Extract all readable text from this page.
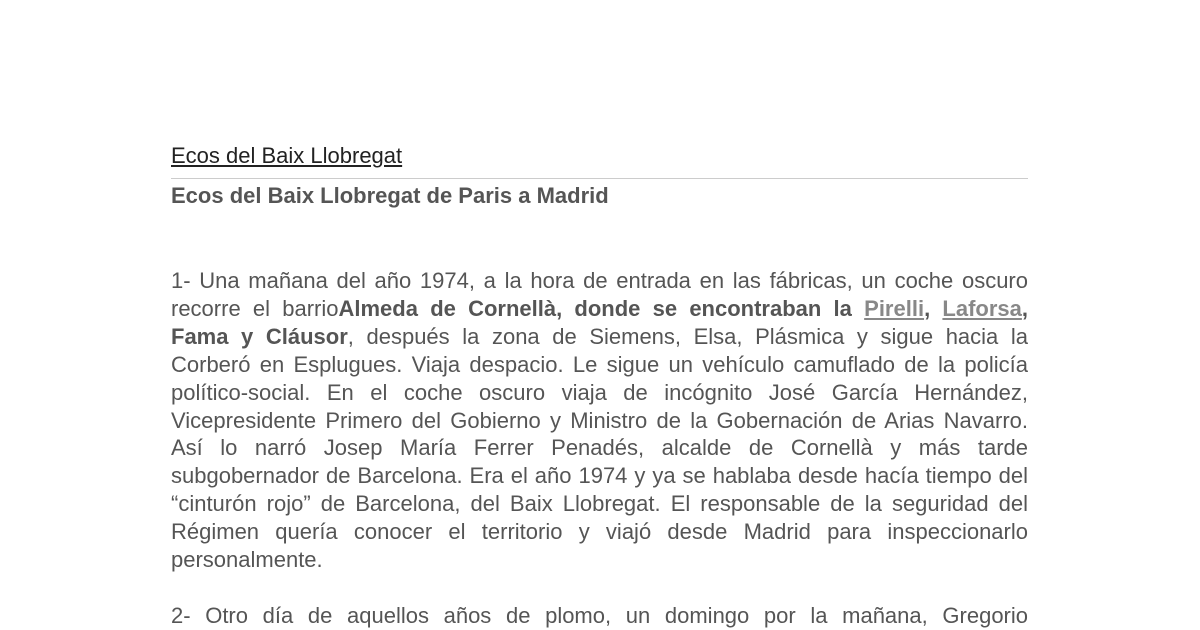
Ecos del Baix Llobregat
Ecos del Baix Llobregat de Paris a Madrid

1- Una mañana del año 1974, a la hora de entrada en las fábricas, un coche oscuro recorre el barrioAlmeda de Cornellà, donde se encontraban la Pirelli, Laforsa, Fama y Cláusor, después la zona de Siemens, Elsa, Plásmica y sigue hacia la Corberó en Esplugues. Viaja despacio. Le sigue un vehículo camuflado de la policía político-social. En el coche oscuro viaja de incógnito José García Hernández, Vicepresidente Primero del Gobierno y Ministro de la Gobernación de Arias Navarro. Así lo narró Josep María Ferrer Penadés, alcalde de Cornellà y más tarde subgobernador de Barcelona. Era el año 1974 y ya se hablaba desde hacía tiempo del “cinturón rojo” de Barcelona, del Baix Llobregat. El responsable de la seguridad del Régimen quería conocer el territorio y viajó desde Madrid para inspeccionarlo personalmente.

2- Otro día de aquellos años de plomo, un domingo por la mañana, Gregorio
